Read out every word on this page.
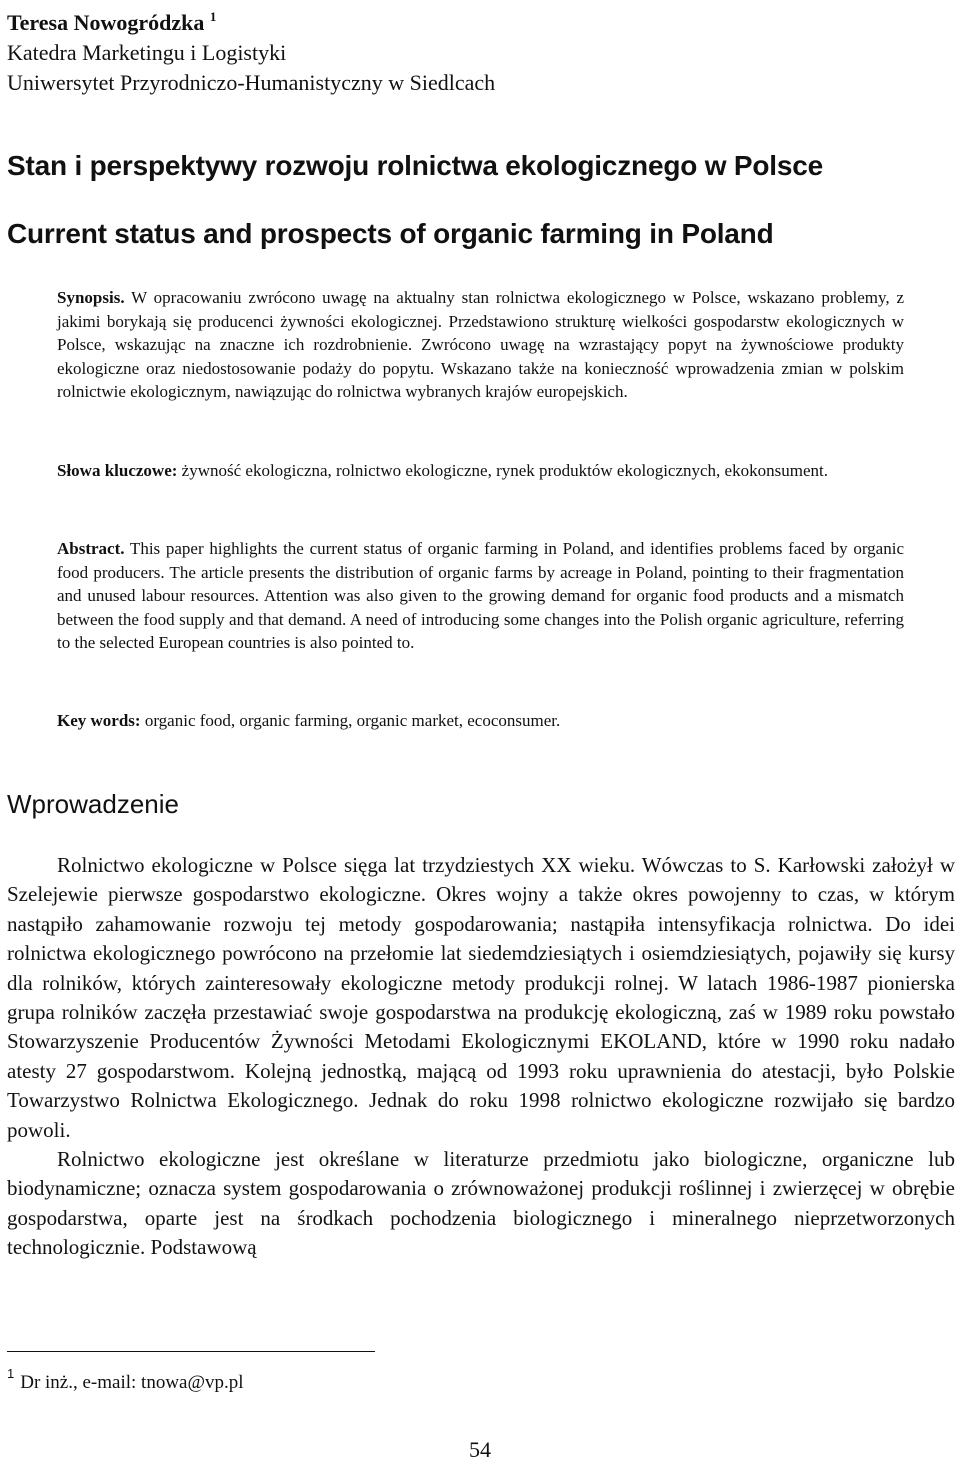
Teresa Nowogródzka $^1$
Katedra Marketingu i Logistyki
Uniwersytet Przyrodniczo-Humanistyczny w Siedlcach
Stan i perspektywy rozwoju rolnictwa ekologicznego w Polsce
Current status and prospects of organic farming in Poland

Synopsis. W opracowaniu zwrócono uwagę na aktualny stan rolnictwa ekologicznego w Polsce, wskazano problemy, z jakimi borykają się producenci żywności ekologicznej. Przedstawiono strukturę wielkości gospodarstw ekologicznych w Polsce, wskazując na znaczne ich rozdrobnienie. Zwrócono uwagę na wzrastający popyt na żywnościowe produkty ekologiczne oraz niedostosowanie podaży do popytu. Wskazano także na konieczność wprowadzenia zmian w polskim rolnictwie ekologicznym, nawiązując do rolnictwa wybranych krajów europejskich.

Słowa kluczowe: żywność ekologiczna, rolnictwo ekologiczne, rynek produktów ekologicznych, ekokonsument.

Abstract. This paper highlights the current status of organic farming in Poland, and identifies problems faced by organic food producers. The article presents the distribution of organic farms by acreage in Poland, pointing to their fragmentation and unused labour resources. Attention was also given to the growing demand for organic food products and a mismatch between the food supply and that demand. A need of introducing some changes into the Polish organic agriculture, referring to the selected European countries is also pointed to.

Key words: organic food, organic farming, organic market, ecoconsumer.

Wprowadzenie

Rolnictwo ekologiczne w Polsce sięga lat trzydziestych XX wieku. Wówczas to S. Karłowski założył w Szelejewie pierwsze gospodarstwo ekologiczne. Okres wojny a także okres powojenny to czas, w którym nastąpiło zahamowanie rozwoju tej metody gospodarowania; nastąpiła intensyfikacja rolnictwa. Do idei rolnictwa ekologicznego powrócono na przełomie lat siedemdziesiątych i osiemdziesiątych, pojawiły się kursy dla rolników, których zainteresowały ekologiczne metody produkcji rolnej. W latach 1986-1987 pionierska grupa rolników zaczęła przestawiać swoje gospodarstwa na produkcję ekologiczną, zaś w 1989 roku powstało Stowarzyszenie Producentów Żywności Metodami Ekologicznymi EKOLAND, które w 1990 roku nadało atesty 27 gospodarstwom. Kolejną jednostką, mającą od 1993 roku uprawnienia do atestacji, było Polskie Towarzystwo Rolnictwa Ekologicznego. Jednak do roku 1998 rolnictwo ekologiczne rozwijało się bardzo powoli.

Rolnictwo ekologiczne jest określane w literaturze przedmiotu jako biologiczne, organiczne lub biodynamiczne; oznacza system gospodarowania o zrównoważonej produkcji roślinnej i zwierzęcej w obrębie gospodarstwa, oparte jest na środkach pochodzenia biologicznego i mineralnego nieprzetworzonych technologicznie. Podstawową

$^1$ Dr inż., e-mail: tnowa@vp.pl
54
